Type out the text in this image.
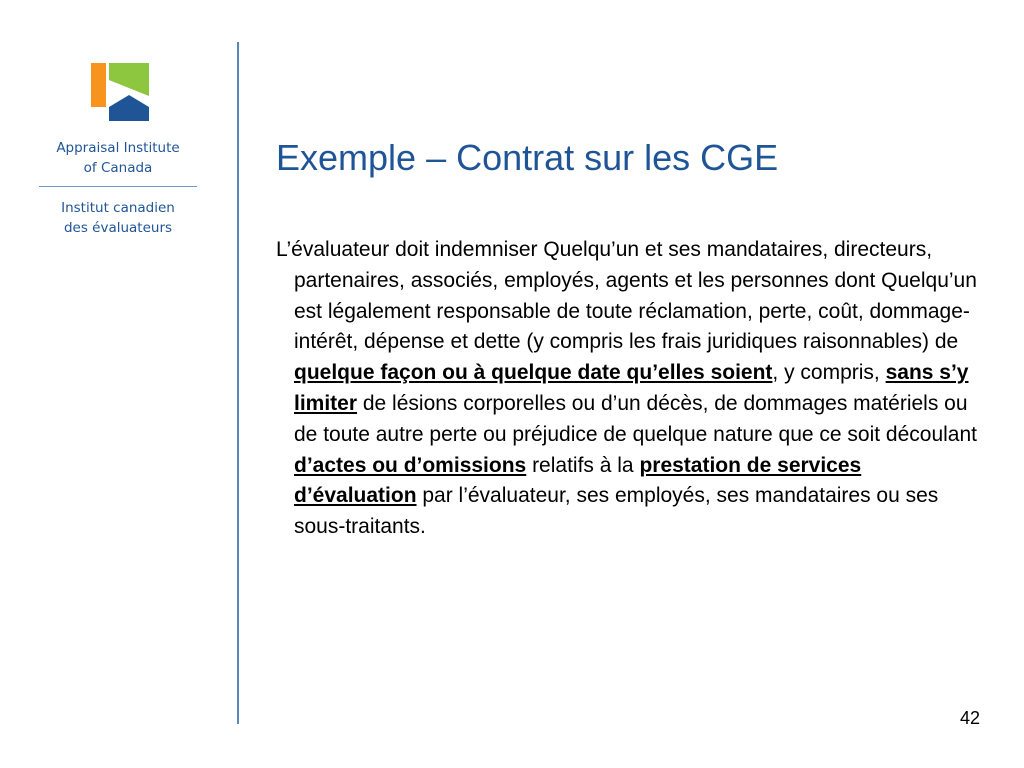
Appraisal Institute
of Canada
Institut canadien
des évaluateurs
Exemple – Contrat sur les CGE
L’évaluateur doit indemniser Quelqu’un et ses mandataires, directeurs, partenaires, associés, employés, agents et les personnes dont Quelqu’un est légalement responsable de toute réclamation, perte, coût, dommage-intérêt, dépense et dette (y compris les frais juridiques raisonnables) de quelque façon ou à quelque date qu’elles soient, y compris, sans s’y limiter de lésions corporelles ou d’un décès, de dommages matériels ou de toute autre perte ou préjudice de quelque nature que ce soit découlant d’actes ou d’omissions relatifs à la prestation de services d’évaluation par l’évaluateur, ses employés, ses mandataires ou ses sous-traitants.
42
